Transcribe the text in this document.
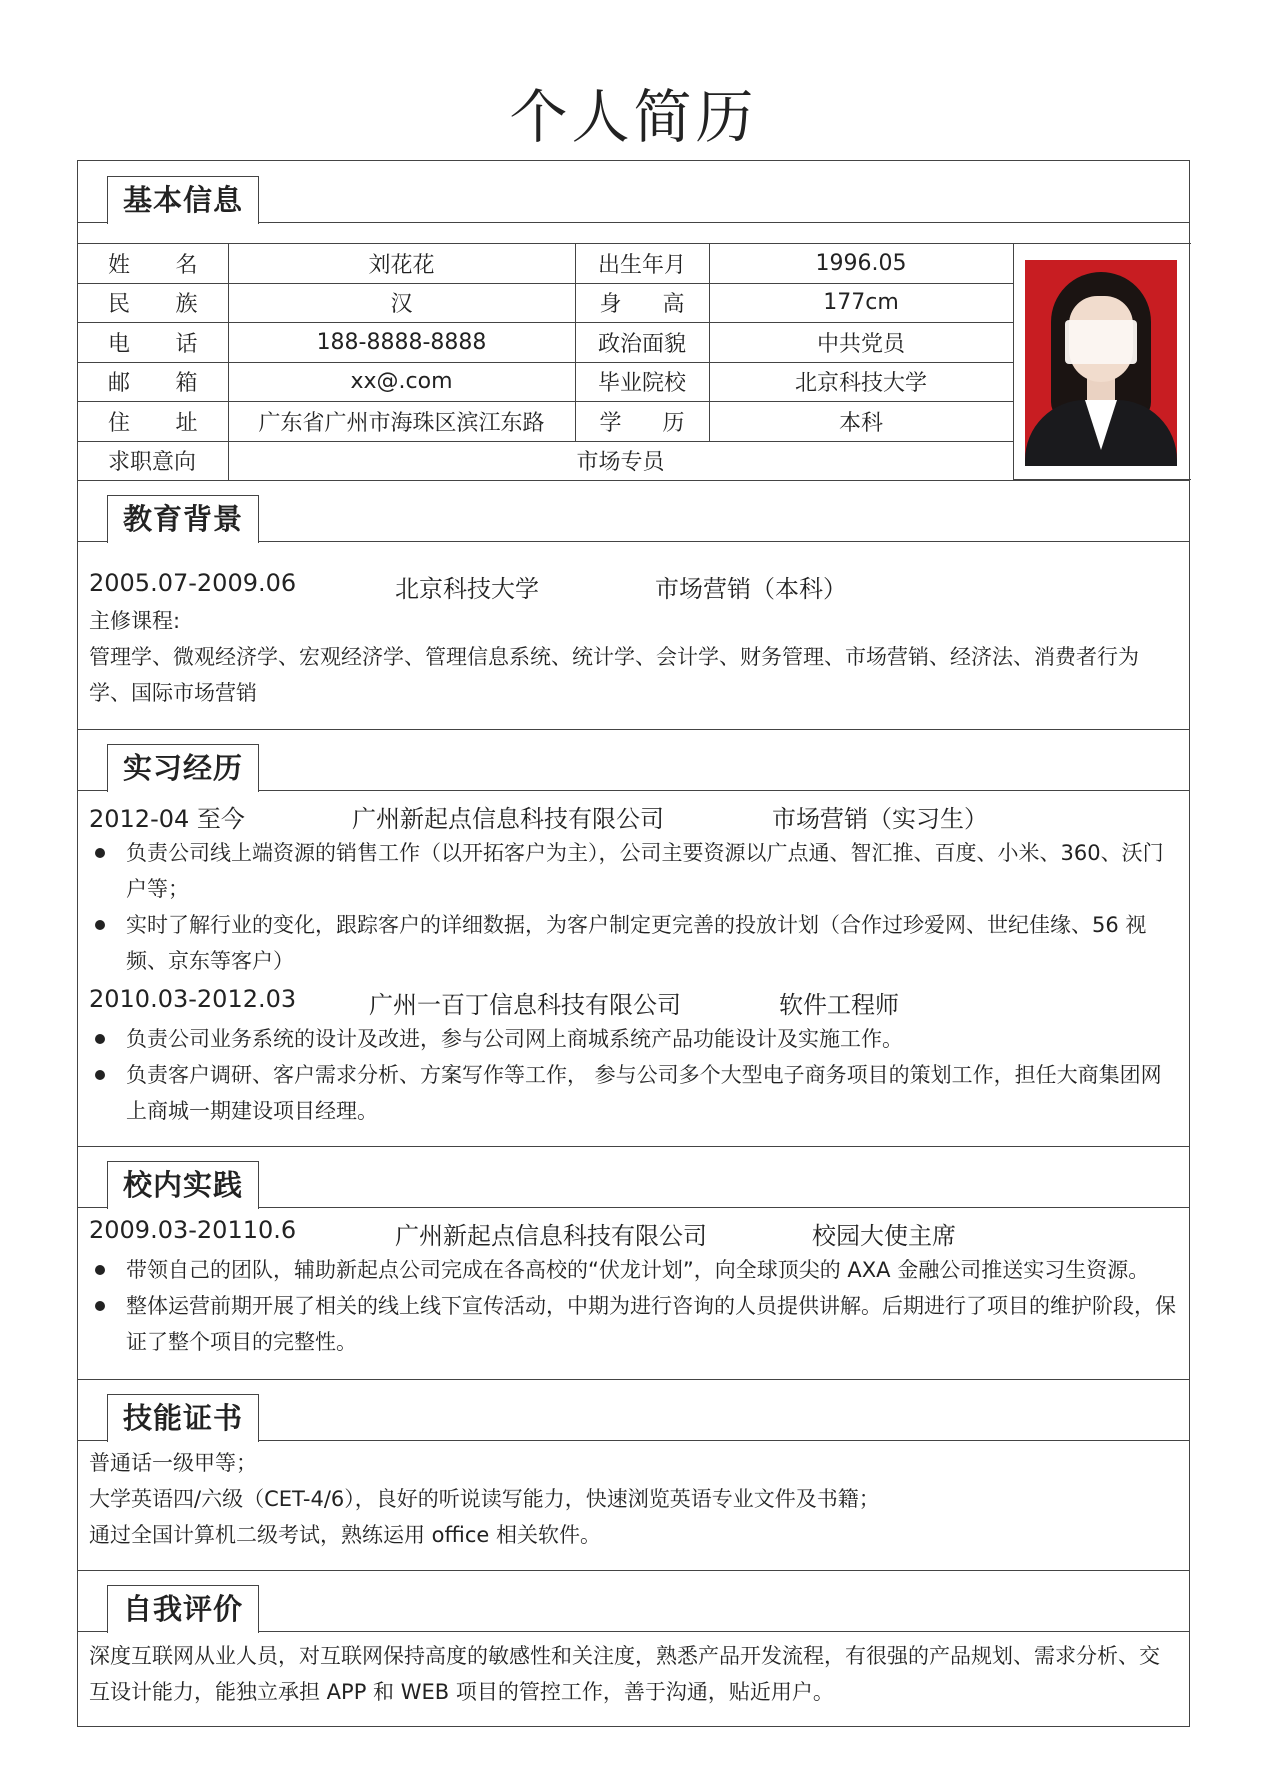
个人简历
基本信息
姓名	刘花花	出生年月	1996.05
民族	汉	身高	177cm
电话	188-8888-8888	政治面貌	中共党员
邮箱	xx@.com	毕业院校	北京科技大学
住址	广东省广州市海珠区滨江东路	学历	本科
求职意向	市场专员		
教育背景
2005.07-2009.06	北京科技大学	市场营销（本科）
主修课程:
管理学、微观经济学、宏观经济学、管理信息系统、统计学、会计学、财务管理、市场营销、经济法、消费者行为学、国际市场营销
实习经历
2012-04 至今	广州新起点信息科技有限公司	市场营销（实习生）
负责公司线上端资源的销售工作（以开拓客户为主），公司主要资源以广点通、智汇推、百度、小米、360、沃门户等；
实时了解行业的变化，跟踪客户的详细数据，为客户制定更完善的投放计划（合作过珍爱网、世纪佳缘、56 视频、京东等客户）
2010.03-2012.03	广州一百丁信息科技有限公司	软件工程师
负责公司业务系统的设计及改进，参与公司网上商城系统产品功能设计及实施工作。
负责客户调研、客户需求分析、方案写作等工作， 参与公司多个大型电子商务项目的策划工作，担任大商集团网上商城一期建设项目经理。
校内实践
2009.03-20110.6	广州新起点信息科技有限公司	校园大使主席
带领自己的团队，辅助新起点公司完成在各高校的“伏龙计划”，向全球顶尖的 AXA 金融公司推送实习生资源。
整体运营前期开展了相关的线上线下宣传活动，中期为进行咨询的人员提供讲解。后期进行了项目的维护阶段，保证了整个项目的完整性。
技能证书
普通话一级甲等；
大学英语四/六级（CET-4/6），良好的听说读写能力，快速浏览英语专业文件及书籍；
通过全国计算机二级考试，熟练运用 office 相关软件。
自我评价
深度互联网从业人员，对互联网保持高度的敏感性和关注度，熟悉产品开发流程，有很强的产品规划、需求分析、交互设计能力，能独立承担 APP 和 WEB 项目的管控工作，善于沟通，贴近用户。
